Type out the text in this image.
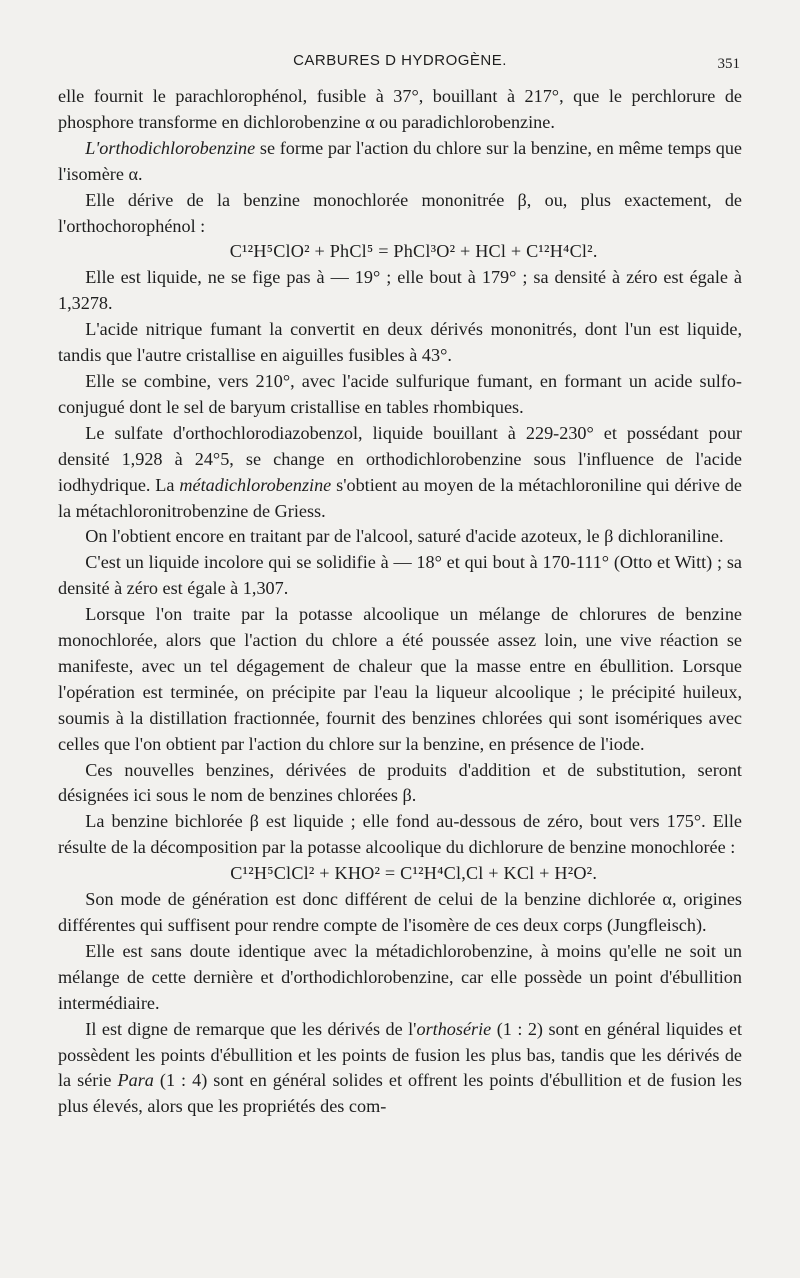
CARBURES D HYDROGÈNE.	351

elle fournit le parachlorophénol, fusible à 37°, bouillant à 217°, que le perchlorure de phosphore transforme en dichlorobenzine α ou paradichlorobenzine.

L'orthodichlorobenzine se forme par l'action du chlore sur la benzine, en même temps que l'isomère α.

Elle dérive de la benzine monochlorée mononitrée β, ou, plus exactement, de l'orthochorophénol :

C¹²H⁵ClO² + PhCl⁵ = PhCl³O² + HCl + C¹²H⁴Cl².

Elle est liquide, ne se fige pas à — 19° ; elle bout à 179° ; sa densité à zéro est égale à 1,3278.

L'acide nitrique fumant la convertit en deux dérivés mononitrés, dont l'un est liquide, tandis que l'autre cristallise en aiguilles fusibles à 43°.

Elle se combine, vers 210°, avec l'acide sulfurique fumant, en formant un acide sulfo-conjugué dont le sel de baryum cristallise en tables rhombiques.

Le sulfate d'orthochlorodiazobenzol, liquide bouillant à 229-230° et possédant pour densité 1,928 à 24°5, se change en orthodichlorobenzine sous l'influence de l'acide iodhydrique. La métadichlorobenzine s'obtient au moyen de la métachloroniline qui dérive de la métachloronitrobenzine de Griess.

On l'obtient encore en traitant par de l'alcool, saturé d'acide azoteux, le β dichloraniline.

C'est un liquide incolore qui se solidifie à — 18° et qui bout à 170-111° (Otto et Witt) ; sa densité à zéro est égale à 1,307.

Lorsque l'on traite par la potasse alcoolique un mélange de chlorures de benzine monochlorée, alors que l'action du chlore a été poussée assez loin, une vive réaction se manifeste, avec un tel dégagement de chaleur que la masse entre en ébullition. Lorsque l'opération est terminée, on précipite par l'eau la liqueur alcoolique ; le précipité huileux, soumis à la distillation fractionnée, fournit des benzines chlorées qui sont isomériques avec celles que l'on obtient par l'action du chlore sur la benzine, en présence de l'iode.

Ces nouvelles benzines, dérivées de produits d'addition et de substitution, seront désignées ici sous le nom de benzines chlorées β.

La benzine bichlorée β est liquide ; elle fond au-dessous de zéro, bout vers 175°. Elle résulte de la décomposition par la potasse alcoolique du dichlorure de benzine monochlorée :

C¹²H⁵ClCl² + KHO² = C¹²H⁴Cl,Cl + KCl + H²O².

Son mode de génération est donc différent de celui de la benzine dichlorée α, origines différentes qui suffisent pour rendre compte de l'isomère de ces deux corps (Jungfleisch).

Elle est sans doute identique avec la métadichlorobenzine, à moins qu'elle ne soit un mélange de cette dernière et d'orthodichlorobenzine, car elle possède un point d'ébullition intermédiaire.

Il est digne de remarque que les dérivés de l'orthosérie (1 : 2) sont en général liquides et possèdent les points d'ébullition et les points de fusion les plus bas, tandis que les dérivés de la série Para (1 : 4) sont en général solides et offrent les points d'ébullition et de fusion les plus élevés, alors que les propriétés des com-
